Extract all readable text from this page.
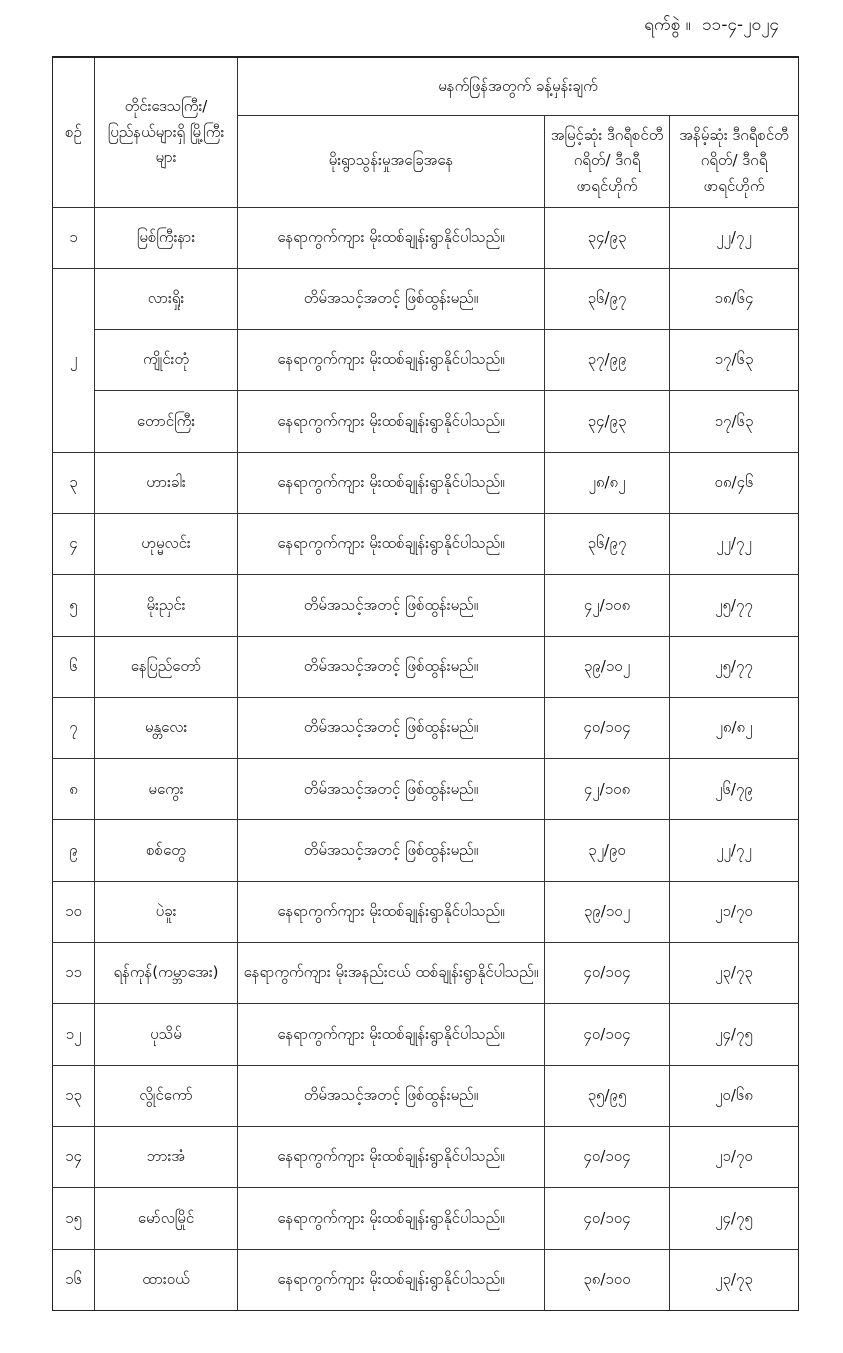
ရက်စွဲ ။ ၁၁-၄-၂၀၂၄
စဉ်	တိုင်းဒေသကြီး/ ပြည်နယ်များရှိ မြို့ကြီးများ	မနက်ဖြန်အတွက် ခန့်မှန်းချက်		
		မိုးရွာသွန်းမှုအခြေအနေ	အမြင့်ဆုံး ဒီဂရီစင်တီဂရိတ်/ ဒီဂရီဖာရင်ဟိုက်	အနိမ့်ဆုံး ဒီဂရီစင်တီဂရိတ်/ ဒီဂရီဖာရင်ဟိုက်
၁	မြစ်ကြီးနား	နေရာကွက်ကျား မိုးထစ်ချုန်းရွာနိုင်ပါသည်။	၃၄/၉၃	၂၂/၇၂
၂	လားရှိုး	တိမ်အသင့်အတင့် ဖြစ်ထွန်းမည်။	၃၆/၉၇	၁၈/၆၄
	ကျိုင်းတုံ	နေရာကွက်ကျား မိုးထစ်ချုန်းရွာနိုင်ပါသည်။	၃၇/၉၉	၁၇/၆၃
	တောင်ကြီး	နေရာကွက်ကျား မိုးထစ်ချုန်းရွာနိုင်ပါသည်။	၃၄/၉၃	၁၇/၆၃
၃	ဟားခါး	နေရာကွက်ကျား မိုးထစ်ချုန်းရွာနိုင်ပါသည်။	၂၈/၈၂	၀၈/၄၆
၄	ဟုမ္မလင်း	နေရာကွက်ကျား မိုးထစ်ချုန်းရွာနိုင်ပါသည်။	၃၆/၉၇	၂၂/၇၂
၅	မိုးညှင်း	တိမ်အသင့်အတင့် ဖြစ်ထွန်းမည်။	၄၂/၁၀၈	၂၅/၇၇
၆	နေပြည်တော်	တိမ်အသင့်အတင့် ဖြစ်ထွန်းမည်။	၃၉/၁၀၂	၂၅/၇၇
၇	မန္တလေး	တိမ်အသင့်အတင့် ဖြစ်ထွန်းမည်။	၄၀/၁၀၄	၂၈/၈၂
၈	မကွေး	တိမ်အသင့်အတင့် ဖြစ်ထွန်းမည်။	၄၂/၁၀၈	၂၆/၇၉
၉	စစ်တွေ	တိမ်အသင့်အတင့် ဖြစ်ထွန်းမည်။	၃၂/၉၀	၂၂/၇၂
၁၀	ပဲခူး	နေရာကွက်ကျား မိုးထစ်ချုန်းရွာနိုင်ပါသည်။	၃၉/၁၀၂	၂၁/၇၀
၁၁	ရန်ကုန်(ကမ္ဘာအေး)	နေရာကွက်ကျား မိုးအနည်းငယ် ထစ်ချုန်းရွာနိုင်ပါသည်။	၄၀/၁၀၄	၂၃/၇၃
၁၂	ပုသိမ်	နေရာကွက်ကျား မိုးထစ်ချုန်းရွာနိုင်ပါသည်။	၄၀/၁၀၄	၂၄/၇၅
၁၃	လွိုင်ကော်	တိမ်အသင့်အတင့် ဖြစ်ထွန်းမည်။	၃၅/၉၅	၂၀/၆၈
၁၄	ဘားအံ	နေရာကွက်ကျား မိုးထစ်ချုန်းရွာနိုင်ပါသည်။	၄၀/၁၀၄	၂၁/၇၀
၁၅	မော်လမြိုင်	နေရာကွက်ကျား မိုးထစ်ချုန်းရွာနိုင်ပါသည်။	၄၀/၁၀၄	၂၄/၇၅
၁၆	ထားဝယ်	နေရာကွက်ကျား မိုးထစ်ချုန်းရွာနိုင်ပါသည်။	၃၈/၁၀၀	၂၃/၇၃
